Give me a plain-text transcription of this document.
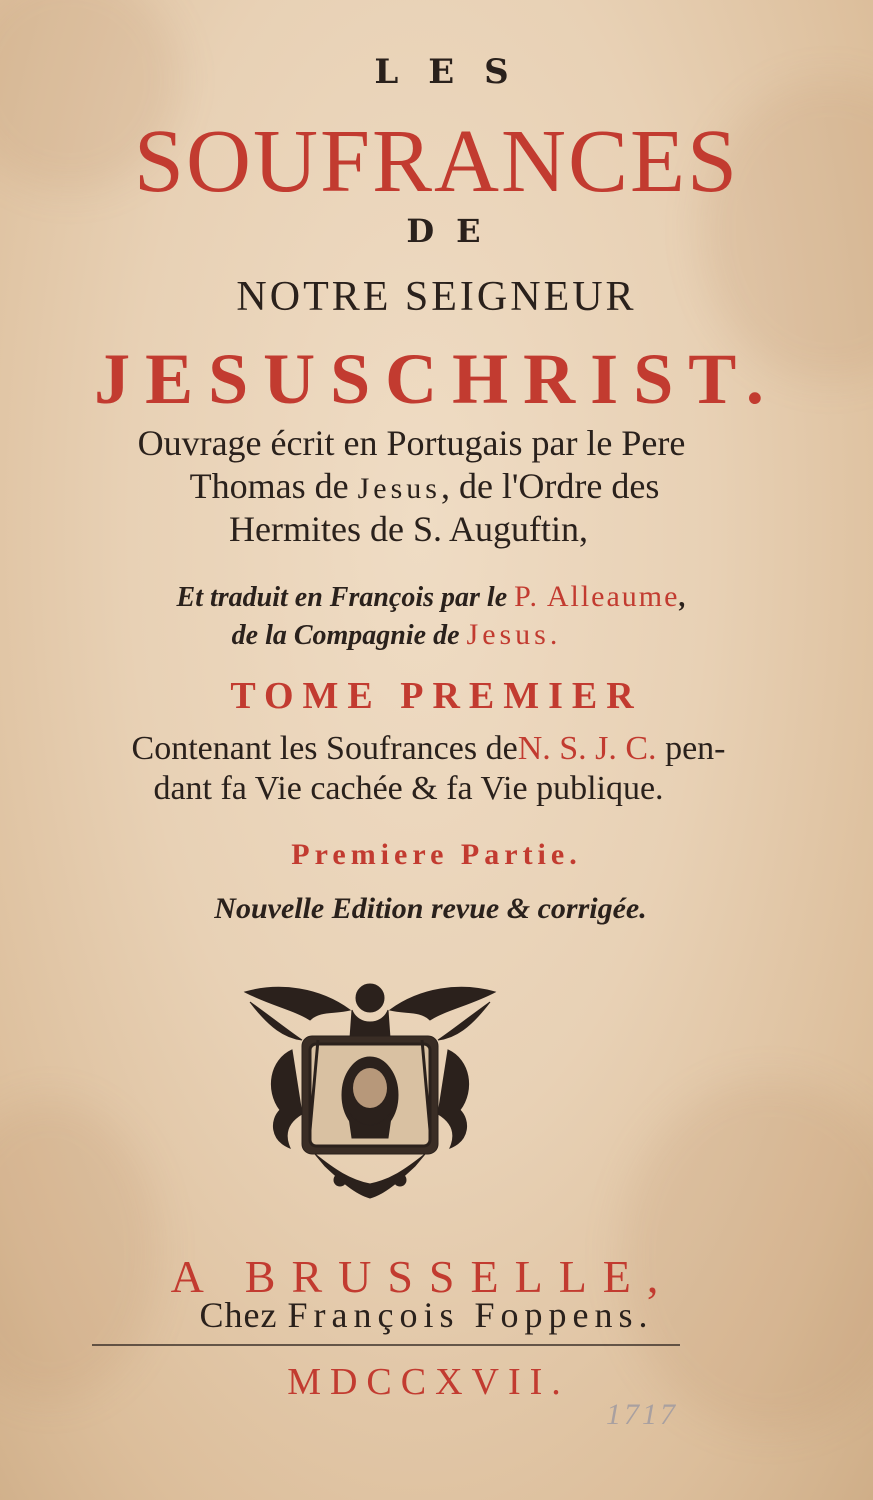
LES
SOUFRANCES
DE
NOTRE SEIGNEUR
JESUSCHRIST.
Ouvrage écrit en Portugais par le Pere
Thomas de Jesus, de l'Ordre des
Hermites de S. Auguftin,
Et traduit en François par le P. Alleaume,
de la Compagnie de Jesus.
TOME PREMIER
Contenant les Soufrances deN. S. J. C. pen-
dant fa Vie cachée & fa Vie publique.
Premiere Partie.
Nouvelle Edition revue & corrigée.
A BRUSSELLE,
Chez François Foppens.
MDCCXVII.
1717
